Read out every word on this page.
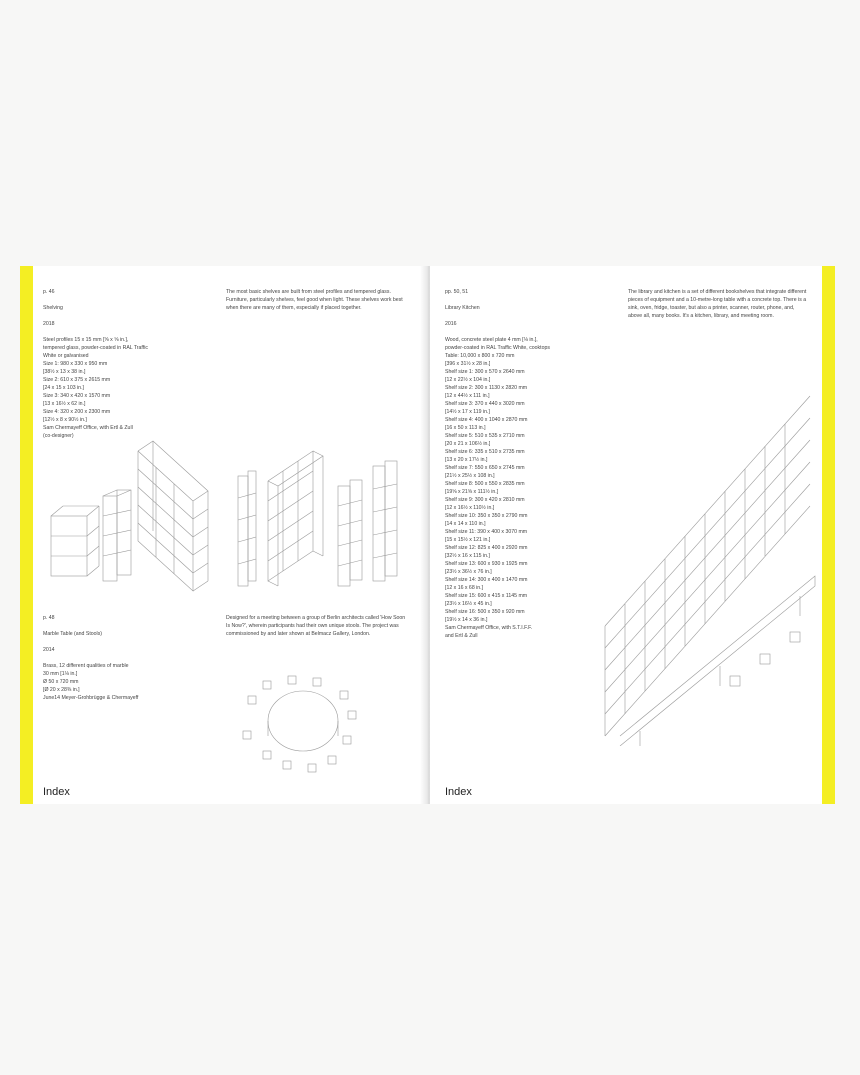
p. 46

Shelving

2018

Steel profiles 15 x 15 mm [⅝ x ⅝ in.],
tempered glass, powder-coated in RAL Traffic
White or galvanised
Size 1: 980 x 330 x 950 mm
[38½ x 13 x 38 in.]
Size 2: 610 x 375 x 2615 mm
[24 x 15 x 103 in.]
Size 3: 340 x 420 x 1570 mm
[13 x 16½ x 62 in.]
Size 4: 320 x 200 x 2300 mm
[12½ x 8 x 90½ in.]
Sam Chermayeff Office, with Ertl & Zull
(co-designer)

The most basic shelves are built from steel profiles and tempered glass. Furniture, particularly shelves, feel good when light. These shelves work best when there are many of them, especially if placed together.

p. 48

Marble Table (and Stools)

2014

Brass, 12 different qualities of marble
30 mm [1⅛ in.]
Ø 50 x 720 mm
[Ø 20 x 28⅜ in.]
June14 Meyer-Grohbrügge & Chermayeff

Designed for a meeting between a group of Berlin architects called 'How Soon Is Now?', wherein participants had their own unique stools. The project was commissioned by and later shown at Belmacz Gallery, London.
Index

pp. 50, 51

Library Kitchen

2016

Wood, concrete steel plate 4 mm [⅛ in.],
powder-coated in RAL Traffic White, cooktops
Table: 10,000 x 800 x 720 mm
[396 x 31½ x 28 in.]
Shelf size 1: 300 x 570 x 2640 mm
[12 x 22½ x 104 in.]
Shelf size 2: 300 x 1130 x 2820 mm
[12 x 44½ x 111 in.]
Shelf size 3: 370 x 440 x 3020 mm
[14½ x 17 x 119 in.]
Shelf size 4: 400 x 1040 x 2870 mm
[16 x 50 x 113 in.]
Shelf size 5: 510 x 535 x 2710 mm
[20 x 21 x 106½ in.]
Shelf size 6: 335 x 510 x 2735 mm
[13 x 20 x 17½ in.]
Shelf size 7: 550 x 650 x 2745 mm
[21½ x 25½ x 108 in.]
Shelf size 8: 500 x 550 x 2835 mm
[19⅝ x 21⅝ x 111½ in.]
Shelf size 9: 300 x 420 x 2810 mm
[12 x 16½ x 110½ in.]
Shelf size 10: 350 x 350 x 2790 mm
[14 x 14 x 110 in.]
Shelf size 11: 390 x 400 x 3070 mm
[15 x 15½ x 121 in.]
Shelf size 12: 825 x 400 x 2920 mm
[32½ x 16 x 115 in.]
Shelf size 13: 600 x 930 x 1925 mm
[23½ x 36½ x 76 in.]
Shelf size 14: 300 x 400 x 1470 mm
[12 x 16 x 68 in.]
Shelf size 15: 600 x 415 x 1145 mm
[23½ x 16½ x 45 in.]
Shelf size 16: 500 x 350 x 920 mm
[19½ x 14 x 36 in.]
Sam Chermayeff Office, with S.T.I.F.F.
and Ertl & Zull

The library and kitchen is a set of different bookshelves that integrate different pieces of equipment and a 10-metre-long table with a concrete top. There is a sink, oven, fridge, toaster, but also a printer, scanner, router, phone, and, above all, many books. It's a kitchen, library, and meeting room.
Index
